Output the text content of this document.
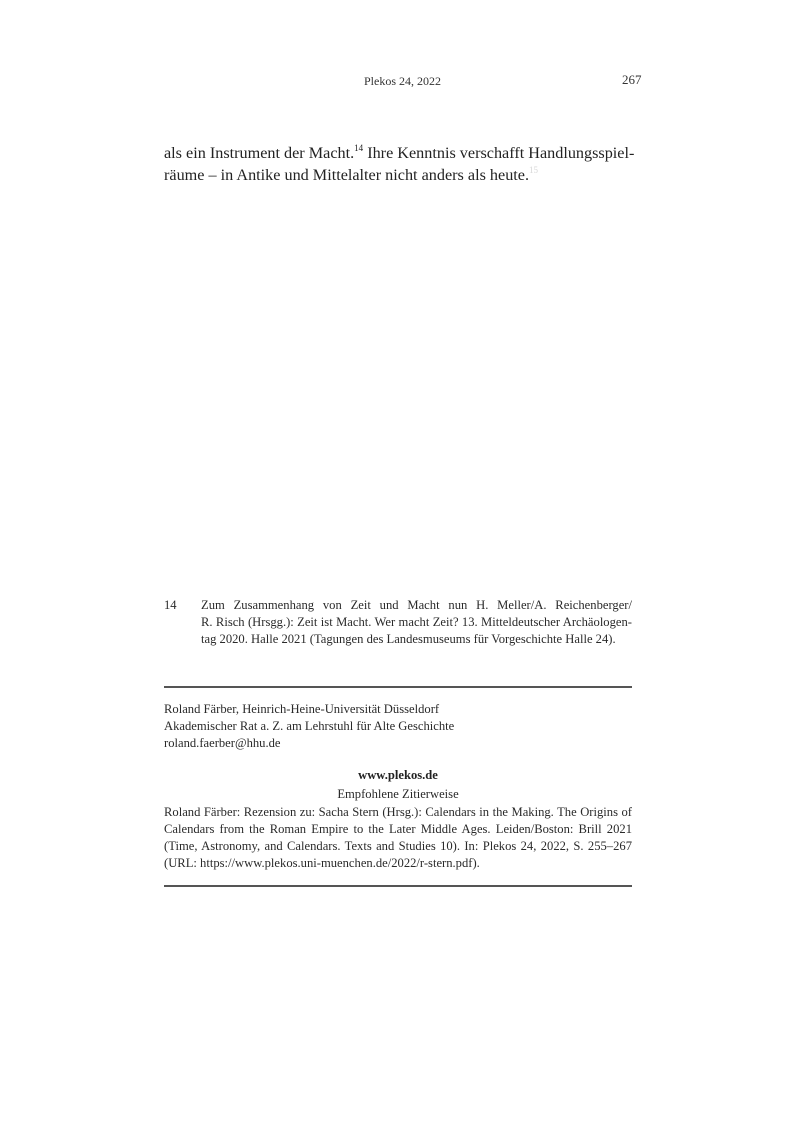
Plekos 24, 2022	267
als ein Instrument der Macht.$^{14}$ Ihre Kenntnis verschafft Handlungsspiel-
räume – in Antike und Mittelalter nicht anders als heute.$^{15}$
14 Zum Zusammenhang von Zeit und Macht nun H. Meller/A. Reichenberger/
R. Risch (Hrsgg.): Zeit ist Macht. Wer macht Zeit? 13. Mitteldeutscher Archäologen-
tag 2020. Halle 2021 (Tagungen des Landesmuseums für Vorgeschichte Halle 24).
Roland Färber, Heinrich-Heine-Universität Düsseldorf
Akademischer Rat a. Z. am Lehrstuhl für Alte Geschichte
roland.faerber@hhu.de
www.plekos.de
Empfohlene Zitierweise
Roland Färber: Rezension zu: Sacha Stern (Hrsg.): Calendars in the Making. The Origins of
Calendars from the Roman Empire to the Later Middle Ages. Leiden/Boston: Brill 2021
(Time, Astronomy, and Calendars. Texts and Studies 10). In: Plekos 24, 2022, S. 255–267
(URL: https://www.plekos.uni-muenchen.de/2022/r-stern.pdf).
